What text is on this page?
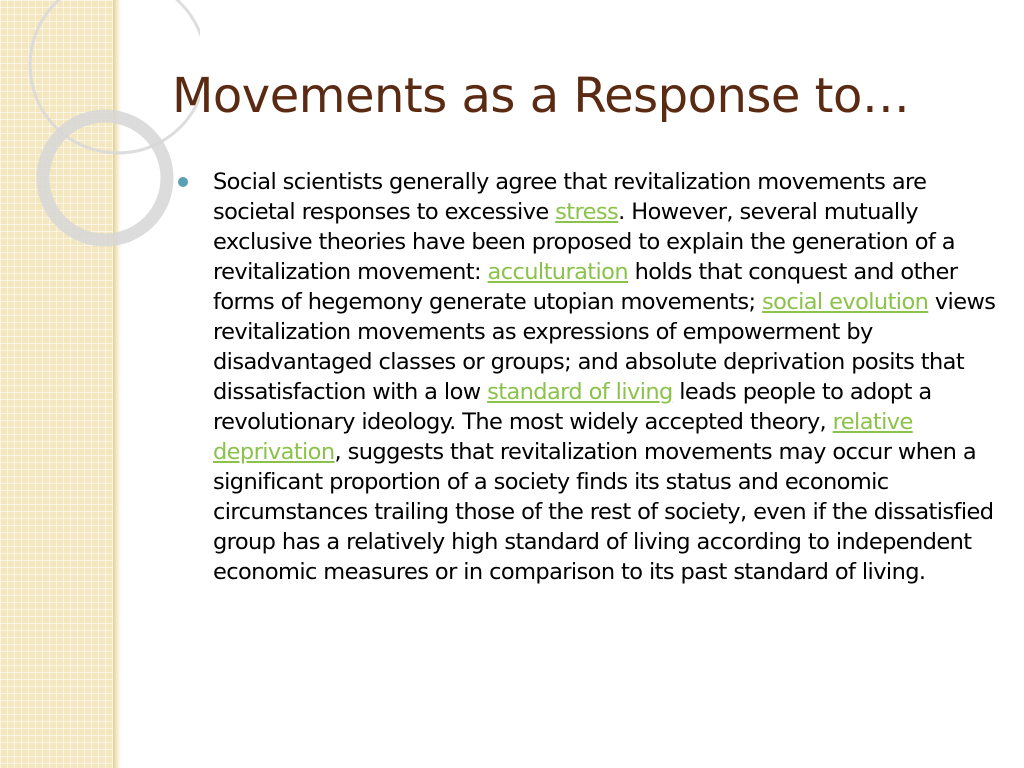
Movements as a Response to…

Social scientists generally agree that revitalization movements are societal responses to excessive stress. However, several mutually exclusive theories have been proposed to explain the generation of a revitalization movement: acculturation holds that conquest and other forms of hegemony generate utopian movements; social evolution views revitalization movements as expressions of empowerment by disadvantaged classes or groups; and absolute deprivation posits that dissatisfaction with a low standard of living leads people to adopt a revolutionary ideology. The most widely accepted theory, relative deprivation, suggests that revitalization movements may occur when a significant proportion of a society finds its status and economic circumstances trailing those of the rest of society, even if the dissatisfied group has a relatively high standard of living according to independent economic measures or in comparison to its past standard of living.
